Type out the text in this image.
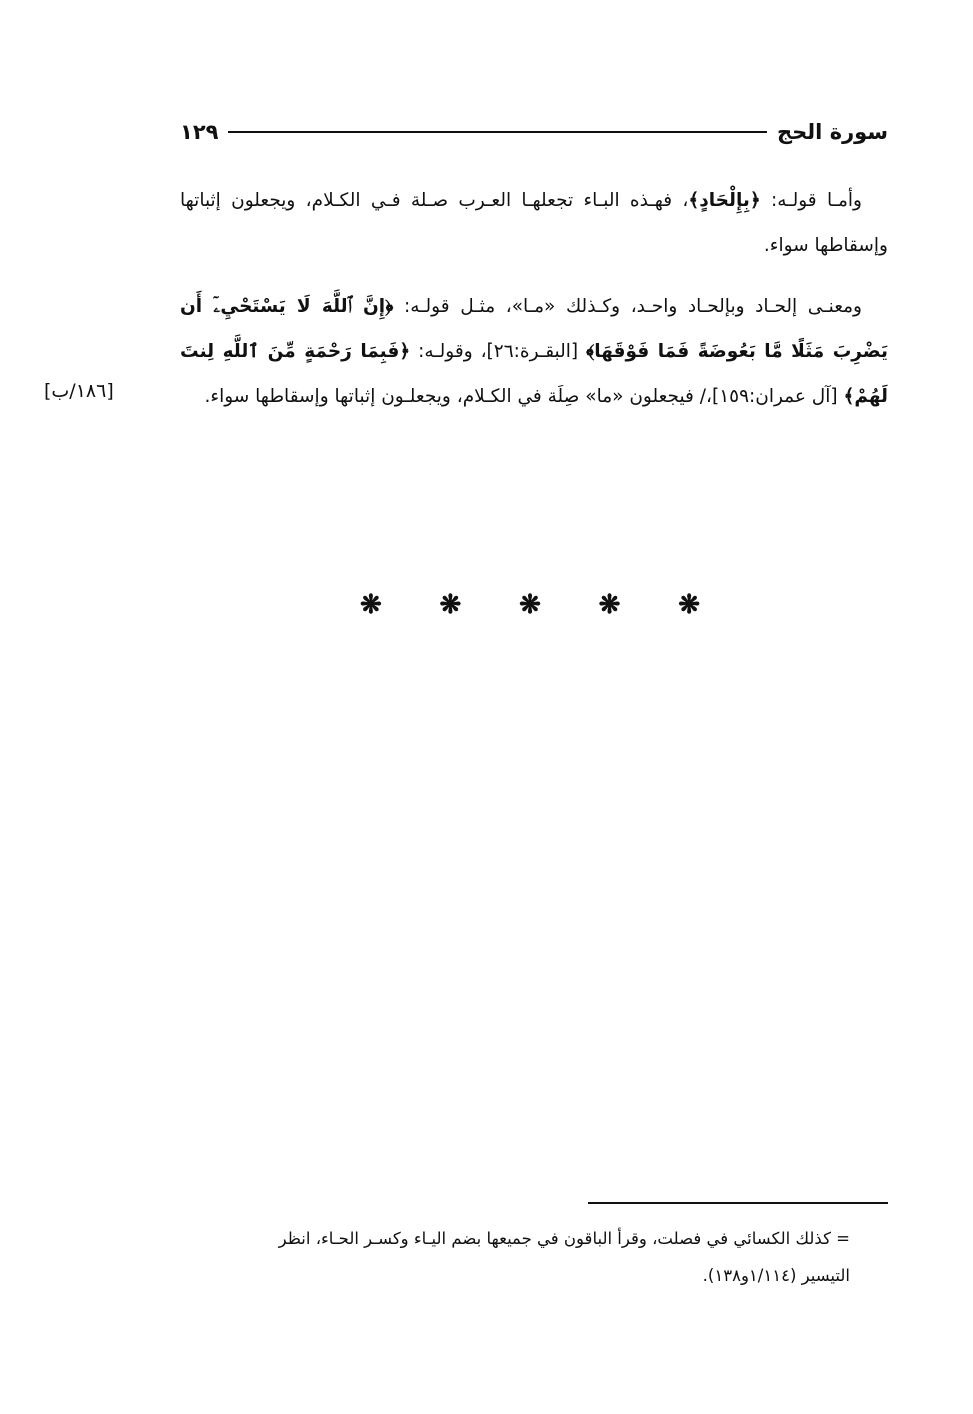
سورة الحج
١٢٩

وأمـا قولـه: ﴿بِإِلْحَادٍ﴾، فهـذه البـاء تجعلهـا العـرب صـلة فـي الكـلام، ويجعلون إثباتها وإسقاطها سواء.

ومعنـى إلحـاد وبإلحـاد واحـد، وكـذلك «مـا»، مثـل قولـه: ﴿إِنَّ ٱللَّهَ لَا يَسْتَحْيِۦٓ أَن يَضْرِبَ مَثَلًا مَّا بَعُوضَةً فَمَا فَوْقَهَا﴾ [البقـرة:٢٦]، وقولـه: ﴿فَبِمَا رَحْمَةٍ مِّنَ ٱللَّهِ لِنتَ لَهُمْ﴾ [آل عمران:١٥٩]،/ فيجعلون «ما» صِلَة في الكـلام، ويجعلـون إثباتها وإسقاطها سواء.

[١٨٦/ب]
❋ ❋ ❋ ❋ ❋

= كذلك الكسائي في فصلت، وقرأ الباقون في جميعها بضم اليـاء وكسـر الحـاء، انظر

التيسير (١/١١٤و١٣٨).
